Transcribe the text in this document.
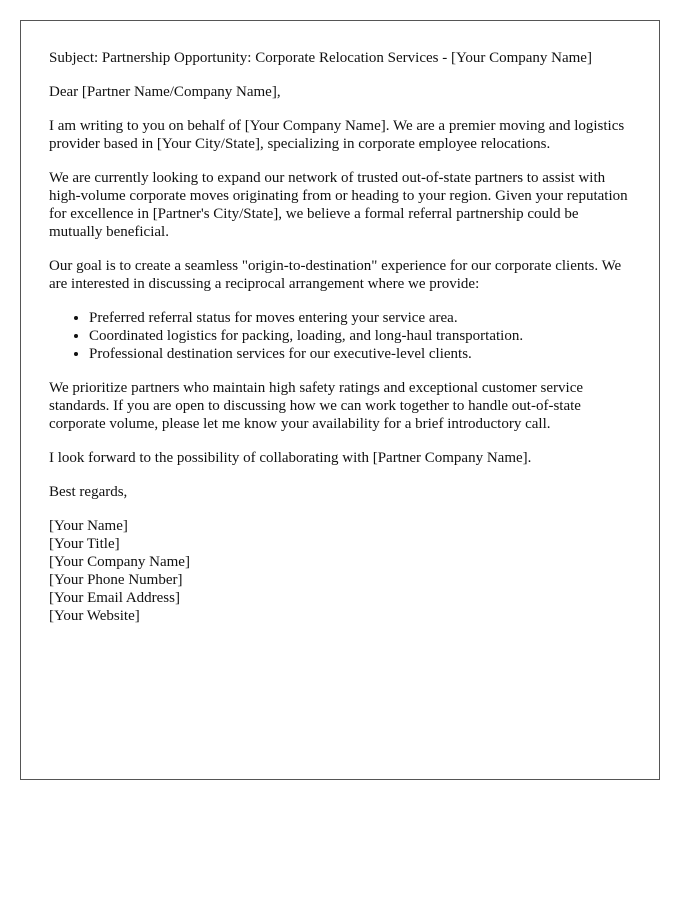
Subject: Partnership Opportunity: Corporate Relocation Services - [Your Company Name]

Dear [Partner Name/Company Name],

I am writing to you on behalf of [Your Company Name]. We are a premier moving and logistics provider based in [Your City/State], specializing in corporate employee relocations.

We are currently looking to expand our network of trusted out-of-state partners to assist with high-volume corporate moves originating from or heading to your region. Given your reputation for excellence in [Partner's City/State], we believe a formal referral partnership could be mutually beneficial.

Our goal is to create a seamless "origin-to-destination" experience for our corporate clients. We are interested in discussing a reciprocal arrangement where we provide:

• Preferred referral status for moves entering your service area.
• Coordinated logistics for packing, loading, and long-haul transportation.
• Professional destination services for our executive-level clients.

We prioritize partners who maintain high safety ratings and exceptional customer service standards. If you are open to discussing how we can work together to handle out-of-state corporate volume, please let me know your availability for a brief introductory call.

I look forward to the possibility of collaborating with [Partner Company Name].

Best regards,

[Your Name]
[Your Title]
[Your Company Name]
[Your Phone Number]
[Your Email Address]
[Your Website]
